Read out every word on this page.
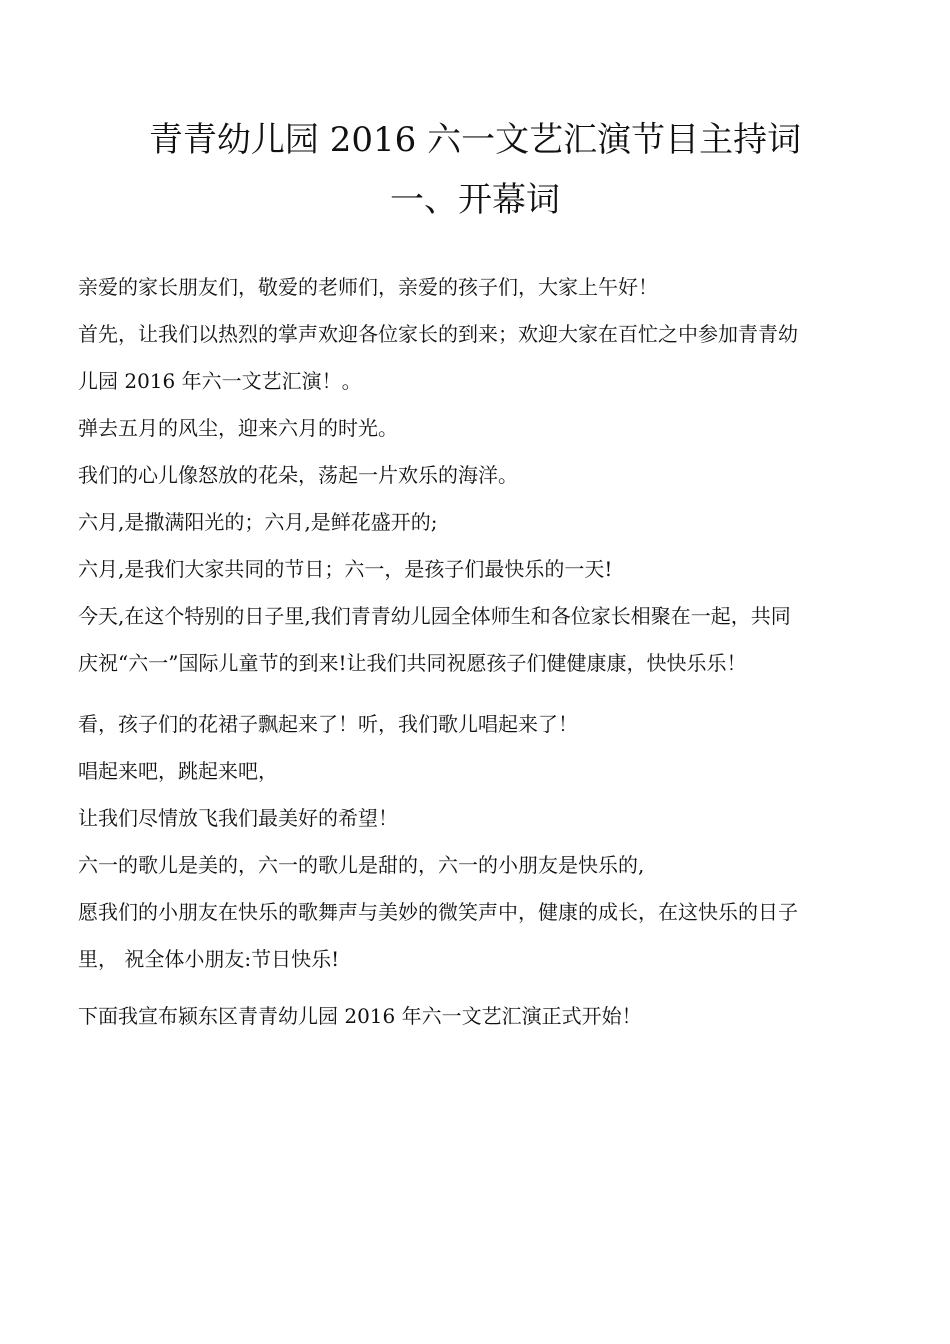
青青幼儿园 2016 六一文艺汇演节目主持词
一、开幕词

亲爱的家长朋友们，敬爱的老师们，亲爱的孩子们，大家上午好！

首先，让我们以热烈的掌声欢迎各位家长的到来；欢迎大家在百忙之中参加青青幼

儿园 2016 年六一文艺汇演！。

弹去五月的风尘，迎来六月的时光。

我们的心儿像怒放的花朵，荡起一片欢乐的海洋。

六月,是撒满阳光的；六月,是鲜花盛开的;

六月,是我们大家共同的节日；六一，是孩子们最快乐的一天!

今天,在这个特别的日子里,我们青青幼儿园全体师生和各位家长相聚在一起，共同

庆祝“六一”国际儿童节的到来!让我们共同祝愿孩子们健健康康，快快乐乐！

看，孩子们的花裙子飘起来了！听，我们歌儿唱起来了！

唱起来吧，跳起来吧，

让我们尽情放飞我们最美好的希望！

六一的歌儿是美的，六一的歌儿是甜的，六一的小朋友是快乐的,

愿我们的小朋友在快乐的歌舞声与美妙的微笑声中，健康的成长，在这快乐的日子

里， 祝全体小朋友:节日快乐!

下面我宣布颍东区青青幼儿园 2016 年六一文艺汇演正式开始！
